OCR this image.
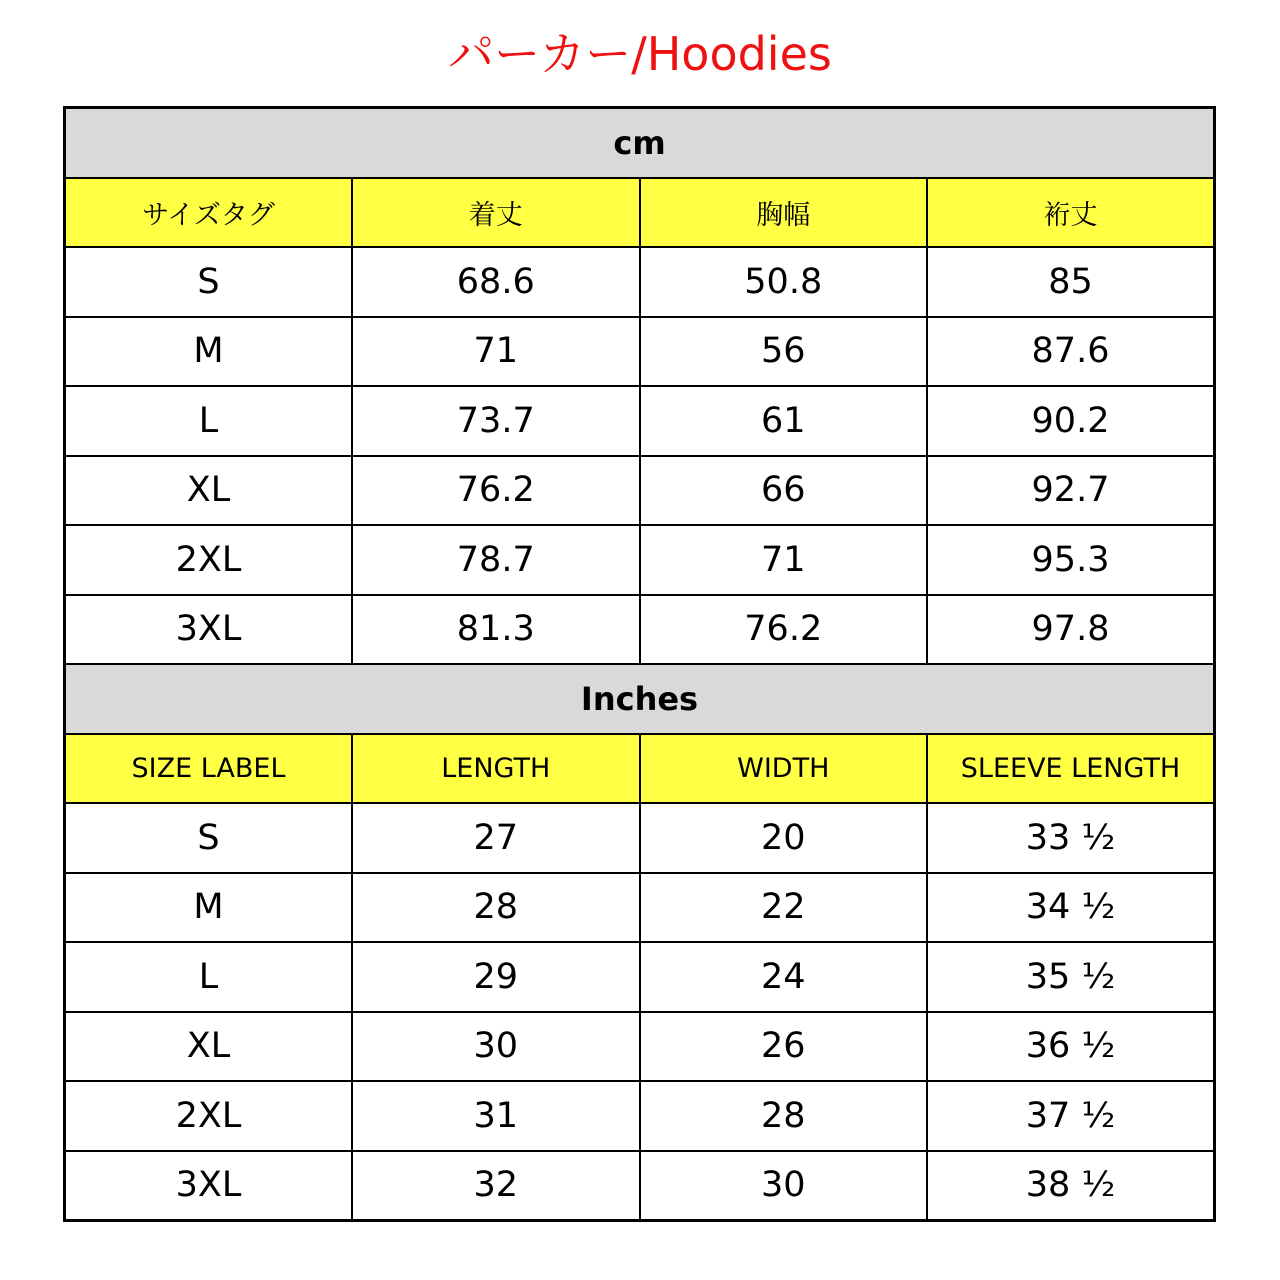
パーカー/Hoodies
cm			
サイズタグ	着丈	胸幅	裄丈
S	68.6	50.8	85
M	71	56	87.6
L	73.7	61	90.2
XL	76.2	66	92.7
2XL	78.7	71	95.3
3XL	81.3	76.2	97.8
Inches			
SIZE LABEL	LENGTH	WIDTH	SLEEVE LENGTH
S	27	20	33 ½
M	28	22	34 ½
L	29	24	35 ½
XL	30	26	36 ½
2XL	31	28	37 ½
3XL	32	30	38 ½
